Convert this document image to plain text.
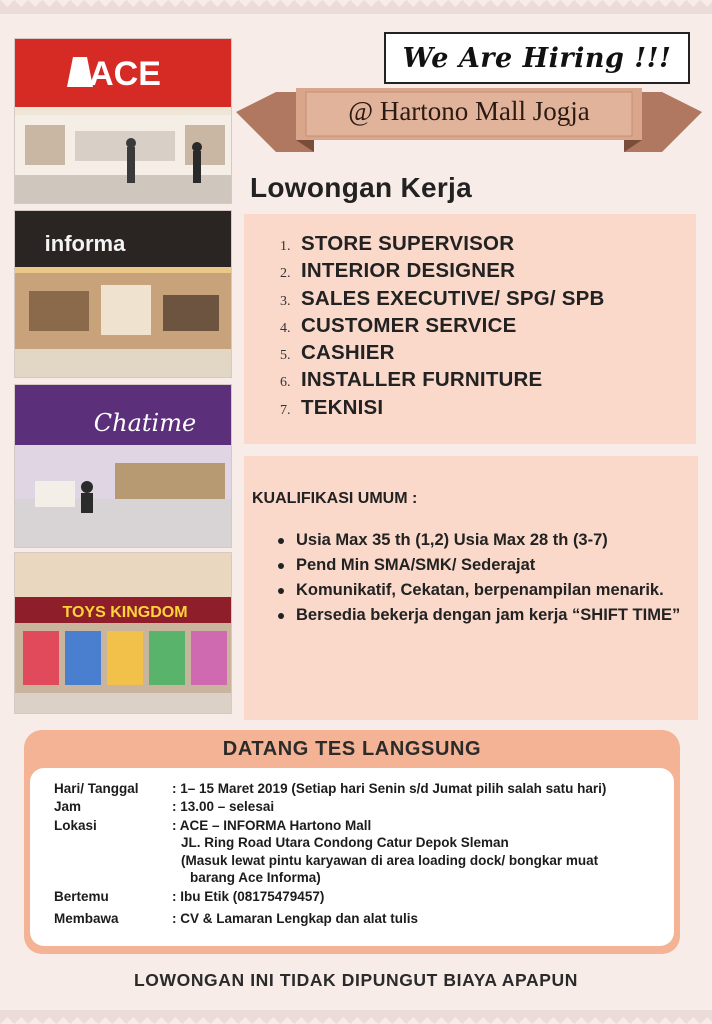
ACE
informa
Chatime
TOYS KINGDOM
We Are Hiring !!!
@ Hartono Mall Jogja
Lowongan Kerja
1. STORE SUPERVISOR
2. INTERIOR DESIGNER
3. SALES EXECUTIVE/ SPG/ SPB
4. CUSTOMER SERVICE
5. CASHIER
6. INSTALLER FURNITURE
7. TEKNISI
KUALIFIKASI UMUM :
Usia Max 35 th (1,2) Usia Max 28 th (3-7)
Pend Min SMA/SMK/ Sederajat
Komunikatif, Cekatan, berpenampilan menarik.
Bersedia bekerja dengan jam kerja “SHIFT TIME”
DATANG TES LANGSUNG
Hari/ Tanggal	: 1– 15 Maret 2019 (Setiap hari Senin s/d Jumat pilih salah satu hari)
Jam	: 13.00 – selesai
Lokasi	: ACE – INFORMA Hartono Mall
JL. Ring Road Utara Condong Catur Depok Sleman
(Masuk lewat pintu karyawan di area loading dock/ bongkar muat
barang Ace Informa)
Bertemu	: Ibu Etik (08175479457)
Membawa	: CV & Lamaran Lengkap dan alat tulis
LOWONGAN INI TIDAK DIPUNGUT BIAYA APAPUN
